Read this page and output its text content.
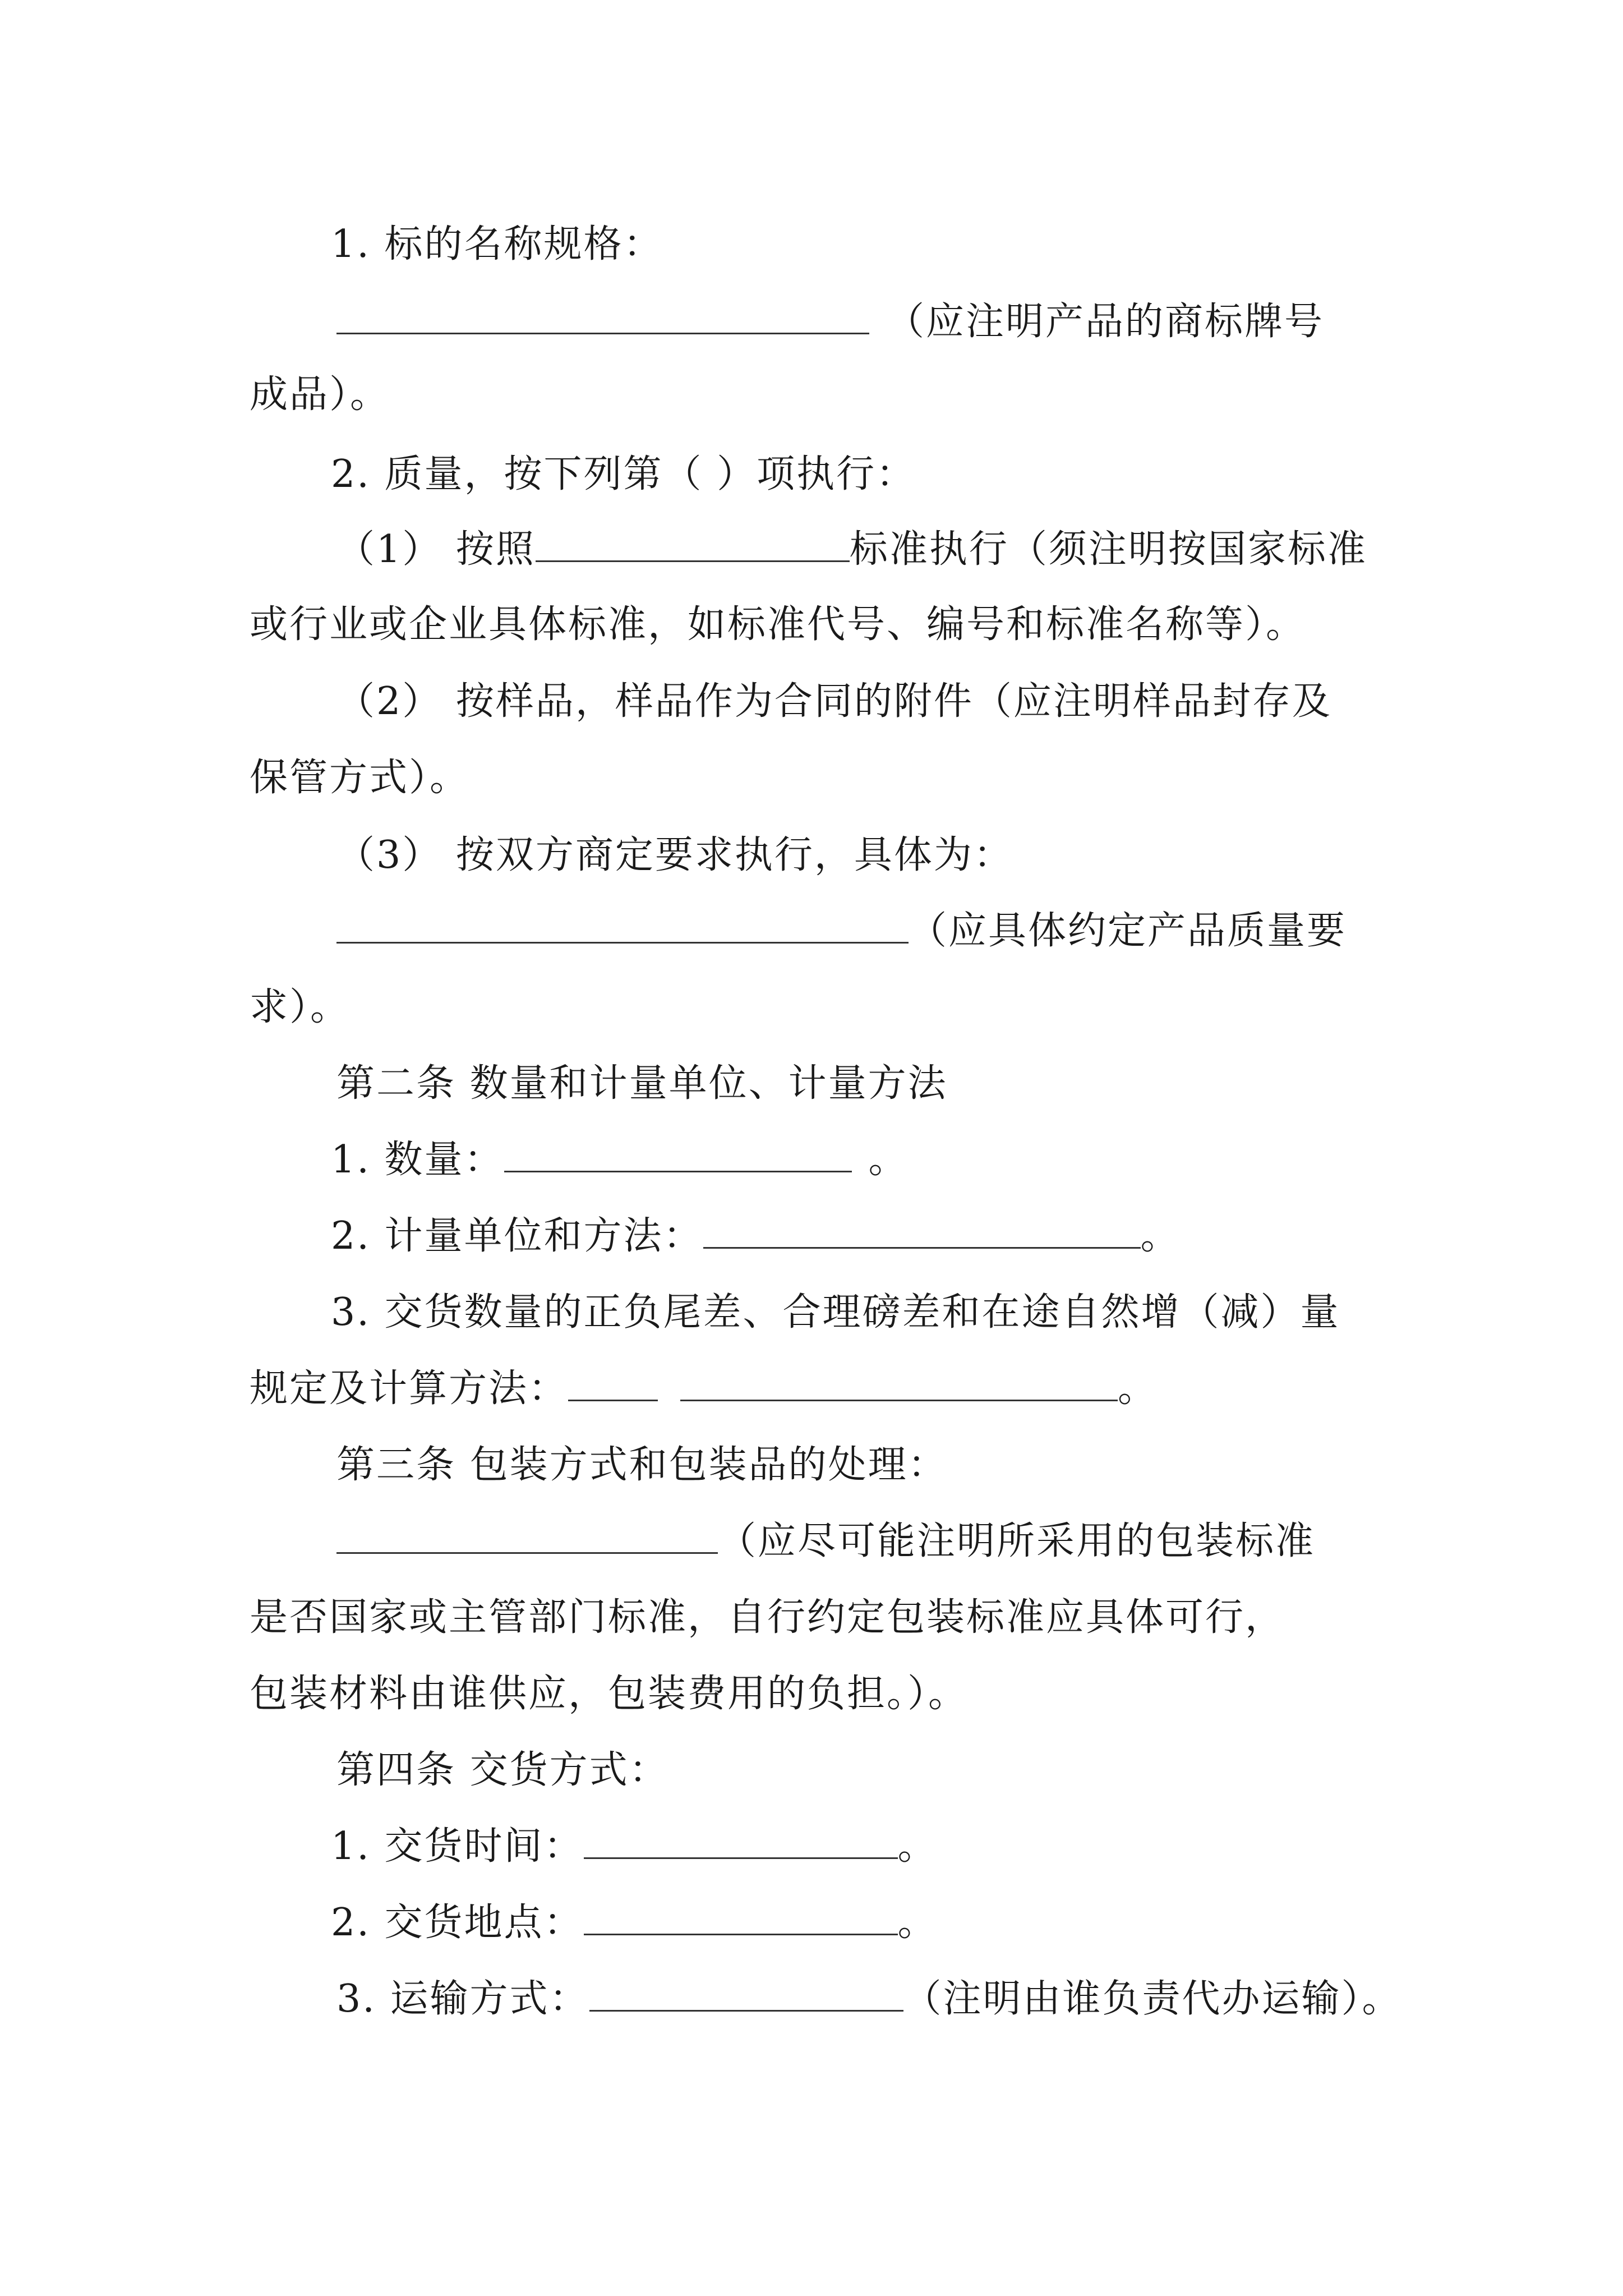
1. 标的名称规格：
（应注明产品的商标牌号
成品）。
2. 质量，按下列第（ ）项执行：
（1） 按照	标准执行（须注明按国家标准
或行业或企业具体标准，如标准代号、编号和标准名称等）。
（2） 按样品，样品作为合同的附件（应注明样品封存及
保管方式）。
（3） 按双方商定要求执行，具体为：
（应具体约定产品质量要
求）。
第二条 数量和计量单位、计量方法
1. 数量：	。
2. 计量单位和方法：	。
3. 交货数量的正负尾差、合理磅差和在途自然增（减）量
规定及计算方法：	。
第三条 包装方式和包装品的处理：
（应尽可能注明所采用的包装标准
是否国家或主管部门标准，自行约定包装标准应具体可行，
包装材料由谁供应，包装费用的负担。）。
第四条 交货方式：
1. 交货时间：	。
2. 交货地点：	。
3. 运输方式：	（注明由谁负责代办运输）。
